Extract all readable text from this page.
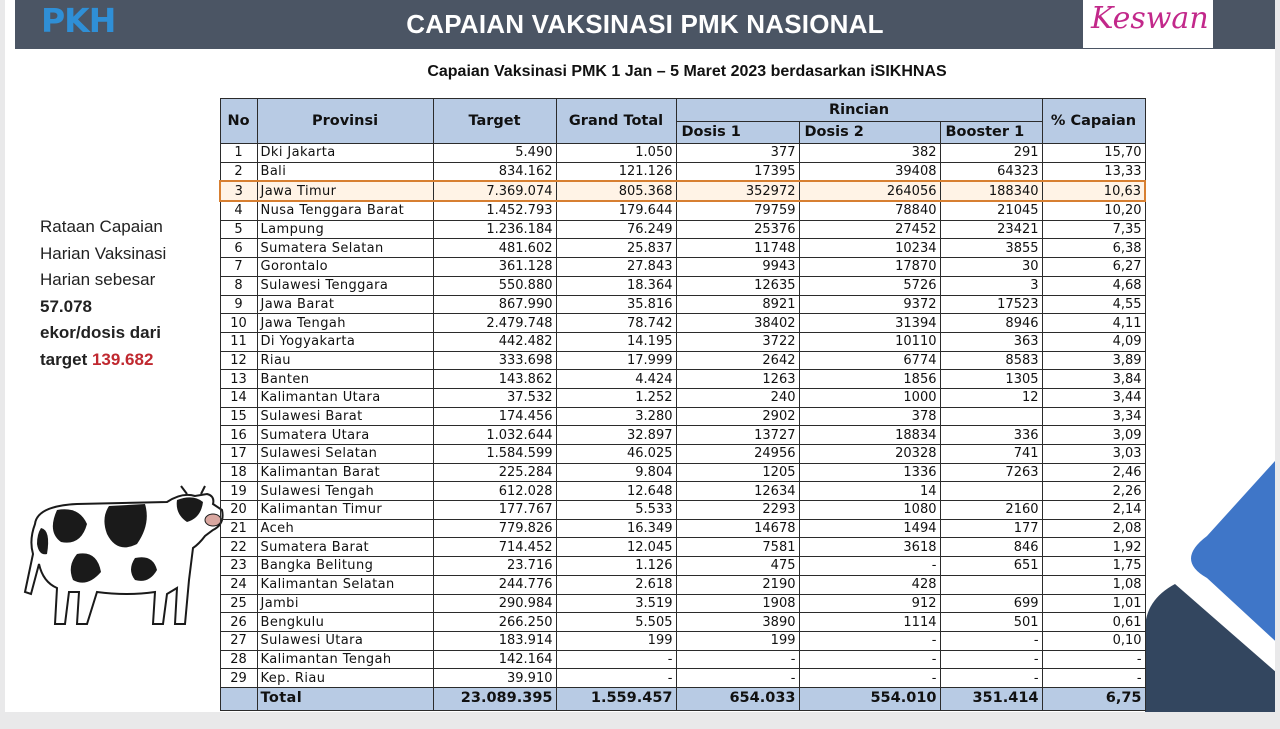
CAPAIAN VAKSINASI PMK NASIONAL
PKH	Keswan
Capaian Vaksinasi PMK 1 Jan – 5 Maret 2023 berdasarkan iSIKHNAS
Rataan Capaian
Harian Vaksinasi
Harian sebesar
57.078
ekor/dosis dari
target 139.682
No	Provinsi	Target	Grand Total	Rincian			% Capaian
				Dosis 1	Dosis 2	Booster 1	
1	Dki Jakarta	5.490	1.050	377	382	291	15,70
2	Bali	834.162	121.126	17395	39408	64323	13,33
3	Jawa Timur	7.369.074	805.368	352972	264056	188340	10,63
4	Nusa Tenggara Barat	1.452.793	179.644	79759	78840	21045	10,20
5	Lampung	1.236.184	76.249	25376	27452	23421	7,35
6	Sumatera Selatan	481.602	25.837	11748	10234	3855	6,38
7	Gorontalo	361.128	27.843	9943	17870	30	6,27
8	Sulawesi Tenggara	550.880	18.364	12635	5726	3	4,68
9	Jawa Barat	867.990	35.816	8921	9372	17523	4,55
10	Jawa Tengah	2.479.748	78.742	38402	31394	8946	4,11
11	Di Yogyakarta	442.482	14.195	3722	10110	363	4,09
12	Riau	333.698	17.999	2642	6774	8583	3,89
13	Banten	143.862	4.424	1263	1856	1305	3,84
14	Kalimantan Utara	37.532	1.252	240	1000	12	3,44
15	Sulawesi Barat	174.456	3.280	2902	378		3,34
16	Sumatera Utara	1.032.644	32.897	13727	18834	336	3,09
17	Sulawesi Selatan	1.584.599	46.025	24956	20328	741	3,03
18	Kalimantan Barat	225.284	9.804	1205	1336	7263	2,46
19	Sulawesi Tengah	612.028	12.648	12634	14		2,26
20	Kalimantan Timur	177.767	5.533	2293	1080	2160	2,14
21	Aceh	779.826	16.349	14678	1494	177	2,08
22	Sumatera Barat	714.452	12.045	7581	3618	846	1,92
23	Bangka Belitung	23.716	1.126	475	-	651	1,75
24	Kalimantan Selatan	244.776	2.618	2190	428		1,08
25	Jambi	290.984	3.519	1908	912	699	1,01
26	Bengkulu	266.250	5.505	3890	1114	501	0,61
27	Sulawesi Utara	183.914	199	199	-	-	0,10
28	Kalimantan Tengah	142.164	-	-	-	-	-
29	Kep. Riau	39.910	-	-	-	-	-
	Total	23.089.395	1.559.457	654.033	554.010	351.414	6,75
